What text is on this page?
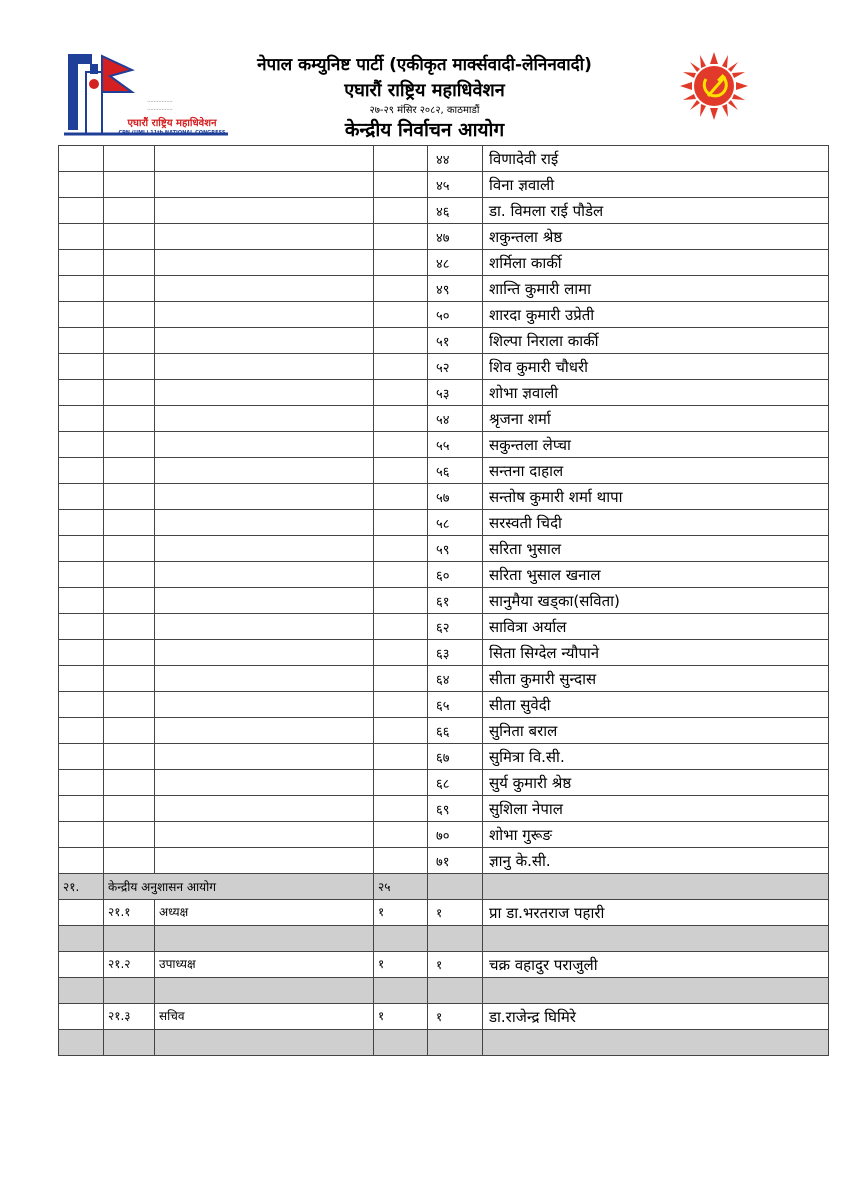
................
................
एघारौं राष्ट्रिय महाधिवेशन
CPN (UML) 11th NATIONAL CONGRESS
नेपाल कम्युनिष्ट पार्टी (एकीकृत मार्क्सवादी-लेनिनवादी)
एघारौं राष्ट्रिय महाधिवेशन
२७-२९ मंसिर २०८२, काठमाडौं
केन्द्रीय निर्वाचन आयोग
				४४	विणादेवी राई
				४५	विना ज्ञवाली
				४६	डा. विमला राई पौडेल
				४७	शकुन्तला श्रेष्ठ
				४८	शर्मिला कार्की
				४९	शान्ति कुमारी लामा
				५०	शारदा कुमारी उप्रेती
				५१	शिल्पा निराला कार्की
				५२	शिव कुमारी चौधरी
				५३	शोभा ज्ञवाली
				५४	श्रृजना शर्मा
				५५	सकुन्तला लेप्चा
				५६	सन्तना दाहाल
				५७	सन्तोष कुमारी शर्मा थापा
				५८	सरस्वती चिदी
				५९	सरिता भुसाल
				६०	सरिता भुसाल खनाल
				६१	सानुमैया खड्का(सविता)
				६२	सावित्रा अर्याल
				६३	सिता सिग्देल न्यौपाने
				६४	सीता कुमारी सुन्दास
				६५	सीता सुवेदी
				६६	सुनिता बराल
				६७	सुमित्रा वि.सी.
				६८	सुर्य कुमारी श्रेष्ठ
				६९	सुशिला नेपाल
				७०	शोभा गुरूङ
				७१	ज्ञानु के.सी.
२१.	केन्द्रीय अनुशासन आयोग		२५		
	२१.१	अध्यक्ष	१	१	प्रा डा.भरतराज पहारी

	२१.२	उपाध्यक्ष	१	१	चक्र वहादुर पराजुली

	२१.३	सचिव	१	१	डा.राजेन्द्र घिमिरे
